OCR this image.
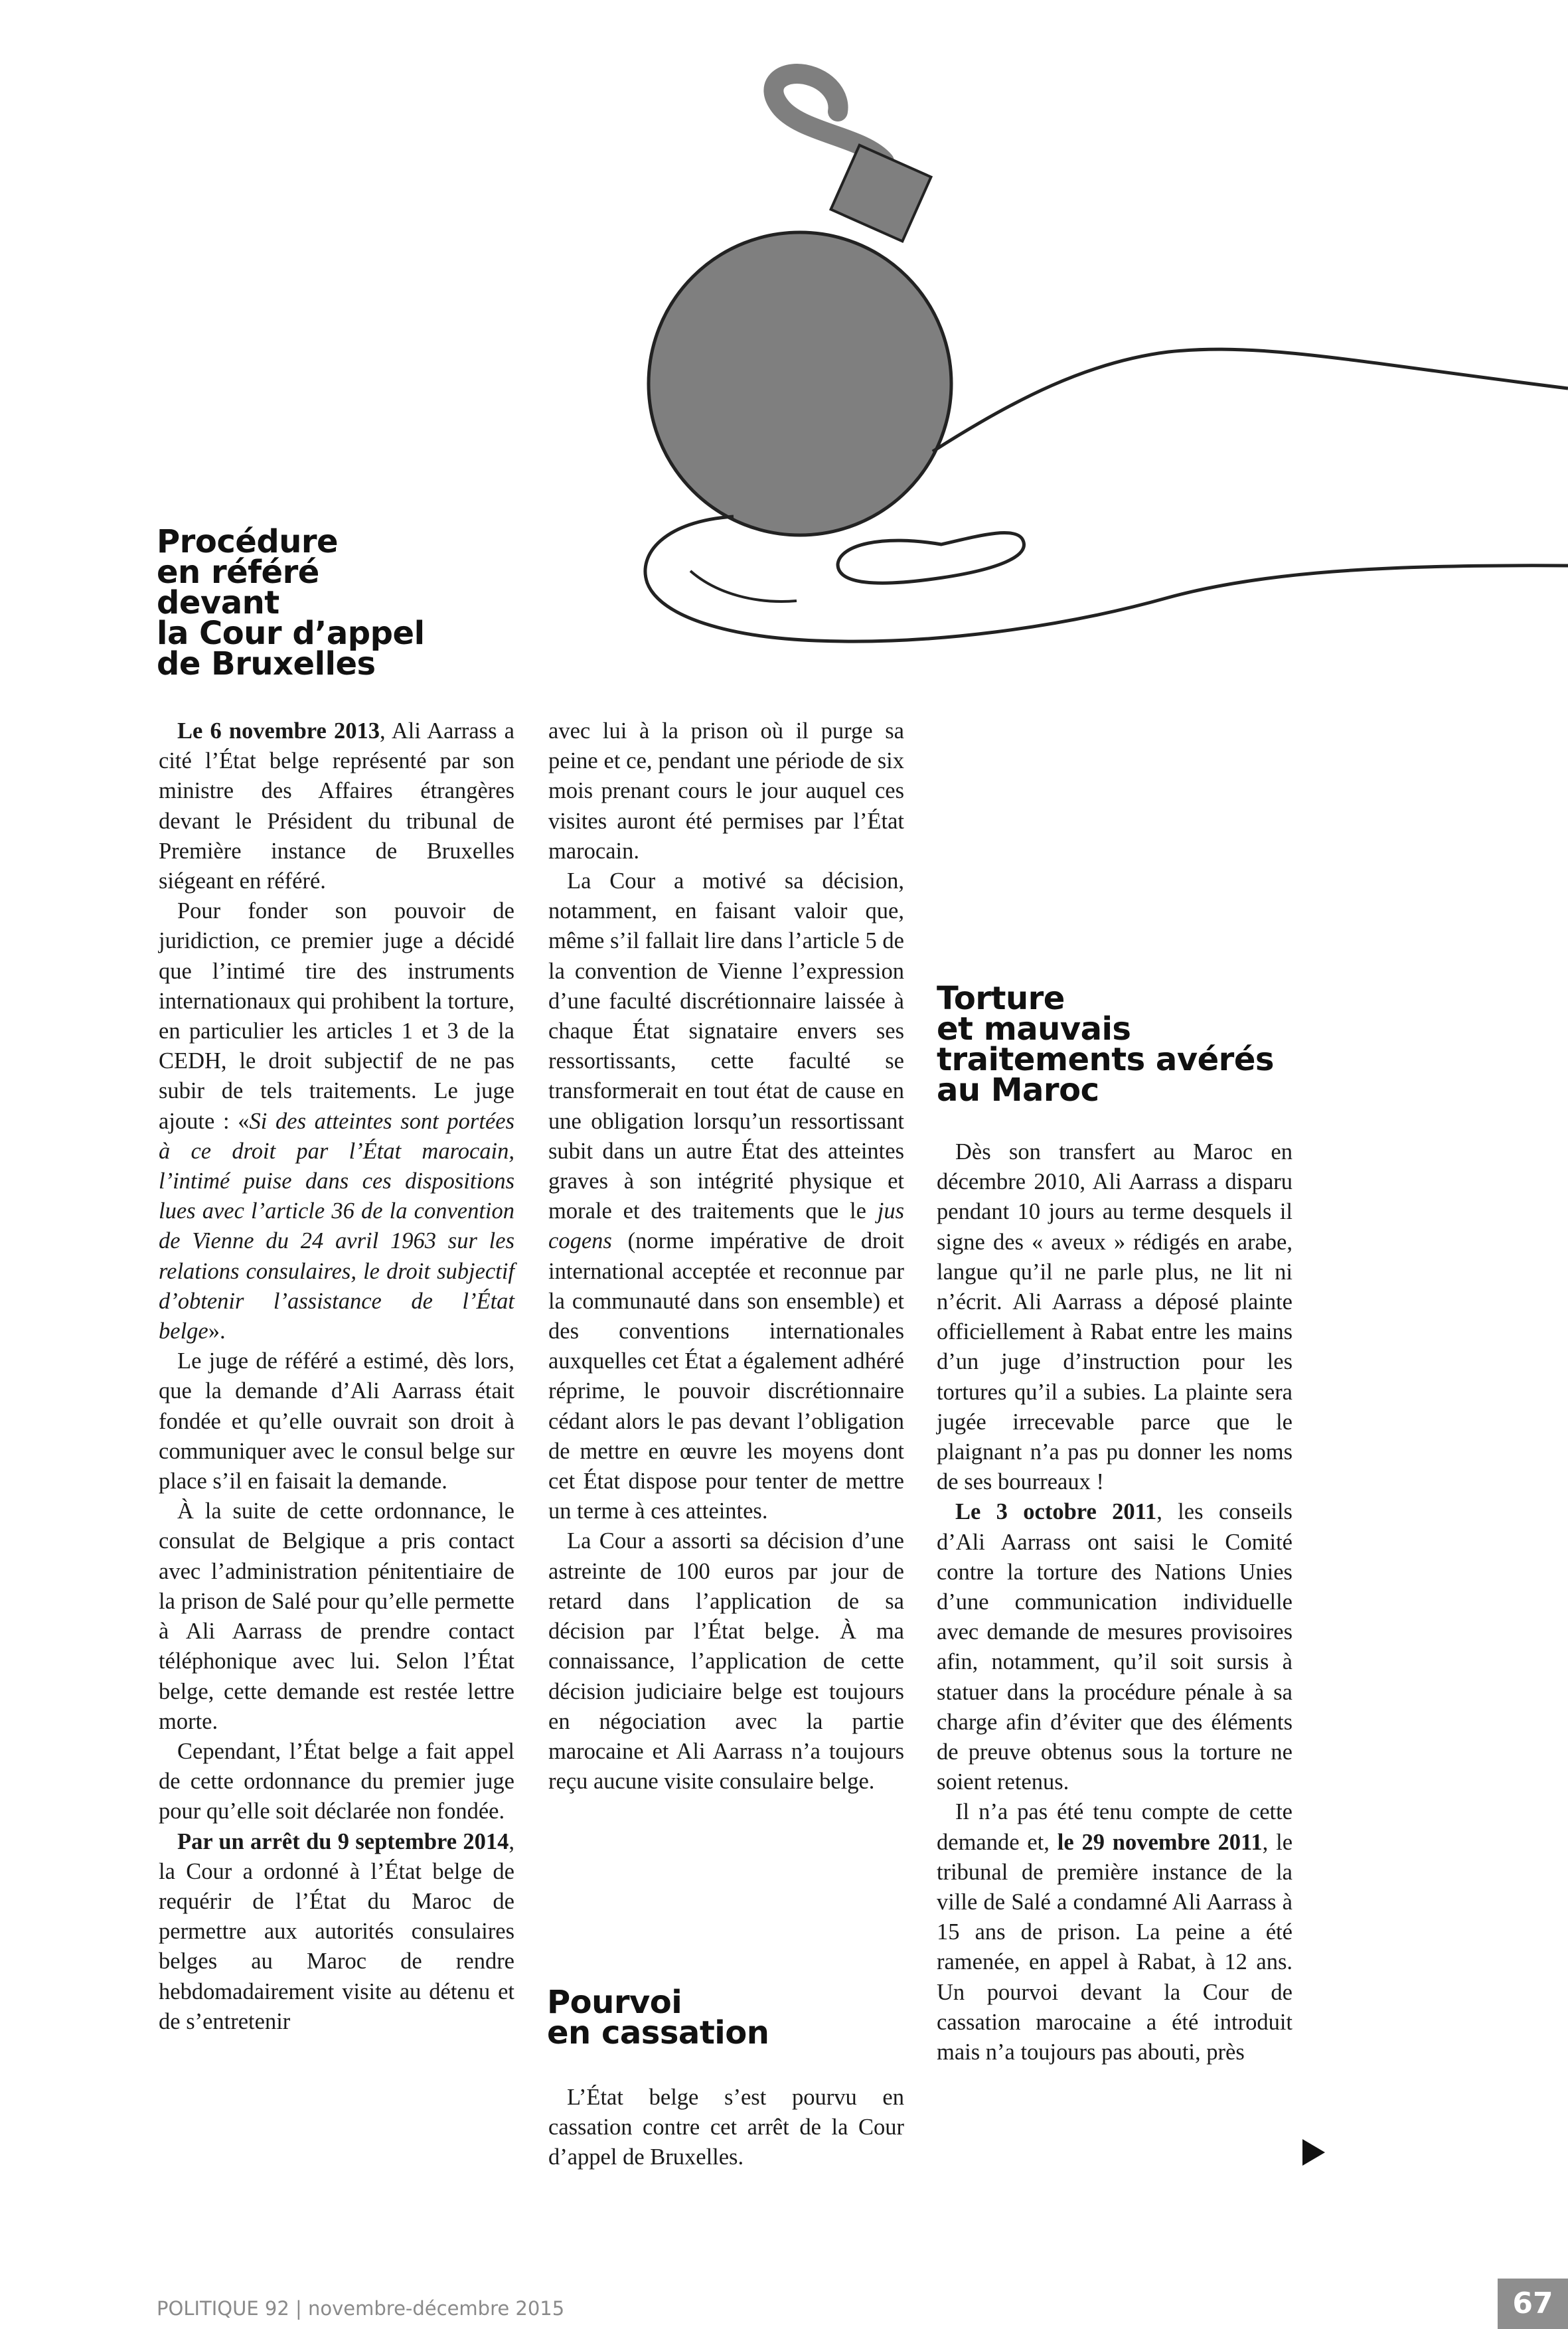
Procédure
en référé
devant
la Cour d’appel
de Bruxelles

Le 6 novembre 2013, Ali Aarrass a cité l’État belge représenté par son ministre des Affaires étrangères devant le Président du tribunal de Première instance de Bruxelles siégeant en référé.

Pour fonder son pouvoir de juridiction, ce premier juge a décidé que l’intimé tire des instruments internationaux qui prohibent la torture, en particulier les articles 1 et 3 de la CEDH, le droit subjectif de ne pas subir de tels traitements. Le juge ajoute : «Si des atteintes sont portées à ce droit par l’État marocain, l’intimé puise dans ces dispositions lues avec l’article 36 de la convention de Vienne du 24 avril 1963 sur les relations consulaires, le droit subjectif d’obtenir l’assistance de l’État belge».

Le juge de référé a estimé, dès lors, que la demande d’Ali Aarrass était fondée et qu’elle ouvrait son droit à communiquer avec le consul belge sur place s’il en faisait la demande.

À la suite de cette ordonnance, le consulat de Belgique a pris contact avec l’administration pénitentiaire de la prison de Salé pour qu’elle permette à Ali Aarrass de prendre contact téléphonique avec lui. Selon l’État belge, cette demande est restée lettre morte.

Cependant, l’État belge a fait appel de cette ordonnance du premier juge pour qu’elle soit déclarée non fondée.

Par un arrêt du 9 septembre 2014, la Cour a ordonné à l’État belge de requérir de l’État du Maroc de permettre aux autorités consulaires belges au Maroc de rendre hebdomadairement visite au détenu et de s’entretenir

avec lui à la prison où il purge sa peine et ce, pendant une période de six mois prenant cours le jour auquel ces visites auront été permises par l’État marocain.

La Cour a motivé sa décision, notamment, en faisant valoir que, même s’il fallait lire dans l’article 5 de la convention de Vienne l’expression d’une faculté discrétionnaire laissée à chaque État signataire envers ses ressortissants, cette faculté se transformerait en tout état de cause en une obligation lorsqu’un ressortissant subit dans un autre État des atteintes graves à son intégrité physique et morale et des traitements que le jus cogens (norme impérative de droit international acceptée et reconnue par la communauté dans son ensemble) et des conventions internationales auxquelles cet État a également adhéré réprime, le pouvoir discrétionnaire cédant alors le pas devant l’obligation de mettre en œuvre les moyens dont cet État dispose pour tenter de mettre un terme à ces atteintes.

La Cour a assorti sa décision d’une astreinte de 100 euros par jour de retard dans l’application de sa décision par l’État belge. À ma connaissance, l’application de cette décision judiciaire belge est toujours en négociation avec la partie marocaine et Ali Aarrass n’a toujours reçu aucune visite consulaire belge.

Pourvoi
en cassation

L’État belge s’est pourvu en cassation contre cet arrêt de la Cour d’appel de Bruxelles.

Torture
et mauvais
traitements avérés
au Maroc

Dès son transfert au Maroc en décembre 2010, Ali Aarrass a disparu pendant 10 jours au terme desquels il signe des « aveux » rédigés en arabe, langue qu’il ne parle plus, ne lit ni n’écrit. Ali Aarrass a déposé plainte officiellement à Rabat entre les mains d’un juge d’instruction pour les tortures qu’il a subies. La plainte sera jugée irrecevable parce que le plaignant n’a pas pu donner les noms de ses bourreaux !

Le 3 octobre 2011, les conseils d’Ali Aarrass ont saisi le Comité contre la torture des Nations Unies d’une communication individuelle avec demande de mesures provisoires afin, notamment, qu’il soit sursis à statuer dans la procédure pénale à sa charge afin d’éviter que des éléments de preuve obtenus sous la torture ne soient retenus.

Il n’a pas été tenu compte de cette demande et, le 29 novembre 2011, le tribunal de première instance de la ville de Salé a condamné Ali Aarrass à 15 ans de prison. La peine a été ramenée, en appel à Rabat, à 12 ans. Un pourvoi devant la Cour de cassation marocaine a été introduit mais n’a toujours pas abouti, près

POLITIQUE 92 | novembre-décembre 2015	67
